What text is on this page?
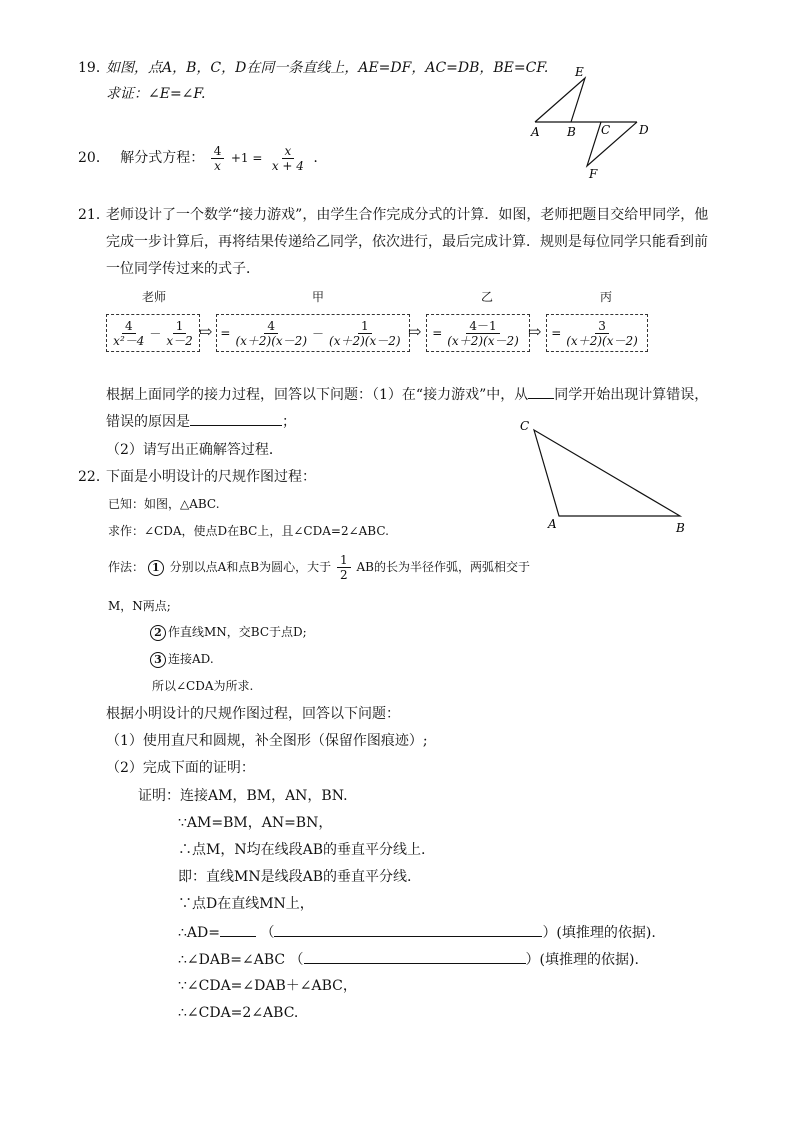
19．
如图，点A，B，C，D在同一条直线上，AE=DF，AC=DB，BE=CF.
求证：∠E=∠F.
E
A B C D
F
20． 解分式方程： $\frac{4}{x} +1 = \frac{x}{x + 4}$ .
21．
老师设计了一个数学“接力游戏”，由学生合作完成分式的计算．如图，老师把题目交给甲同学，他
完成一步计算后，再将结果传递给乙同学，依次进行，最后完成计算．规则是每位同学只能看到前
一位同学传过来的式子．
老师	甲	乙	丙
$\frac{4}{\text{x²－4}} - \frac{1}{x-2}$ ⇨ = $\frac{4}{(x+2)(x-2)} - \frac{1}{(x+2)(x-2)}$ ⇨ = $\frac{4-1}{(x+2)(x-2)}$ ⇨ = $\frac{3}{(x+2)(x-2)}$
根据上面同学的接力过程，回答以下问题：（1）在“接力游戏”中，从 同学开始出现计算错误，
错误的原因是	；
（2）请写出正确解答过程．
C
A	B
22．
下面是小明设计的尺规作图过程：
已知：如图，△ABC.
求作：∠CDA，使点D在BC上，且∠CDA=2∠ABC.
作法： 1 分别以点A和点B为圆心，大于 $\frac{1}{2}$ AB的长为半径作弧，两弧相交于
M，N两点;
2 作直线MN，交BC于点D;
3 连接AD.
所以∠CDA为所求.
根据小明设计的尺规作图过程，回答以下问题：
（1）使用直尺和圆规，补全图形（保留作图痕迹）;
（2）完成下面的证明：
证明：连接AM，BM，AN，BN.
∵AM=BM，AN=BN，
∴点M，N均在线段AB的垂直平分线上.
即：直线MN是线段AB的垂直平分线.
∵点D在直线MN上，
∴AD=	（	）(填推理的依据).
∴∠DAB=∠ABC （	）(填推理的依据).
∵∠CDA=∠DAB＋∠ABC，
∴∠CDA=2∠ABC.
